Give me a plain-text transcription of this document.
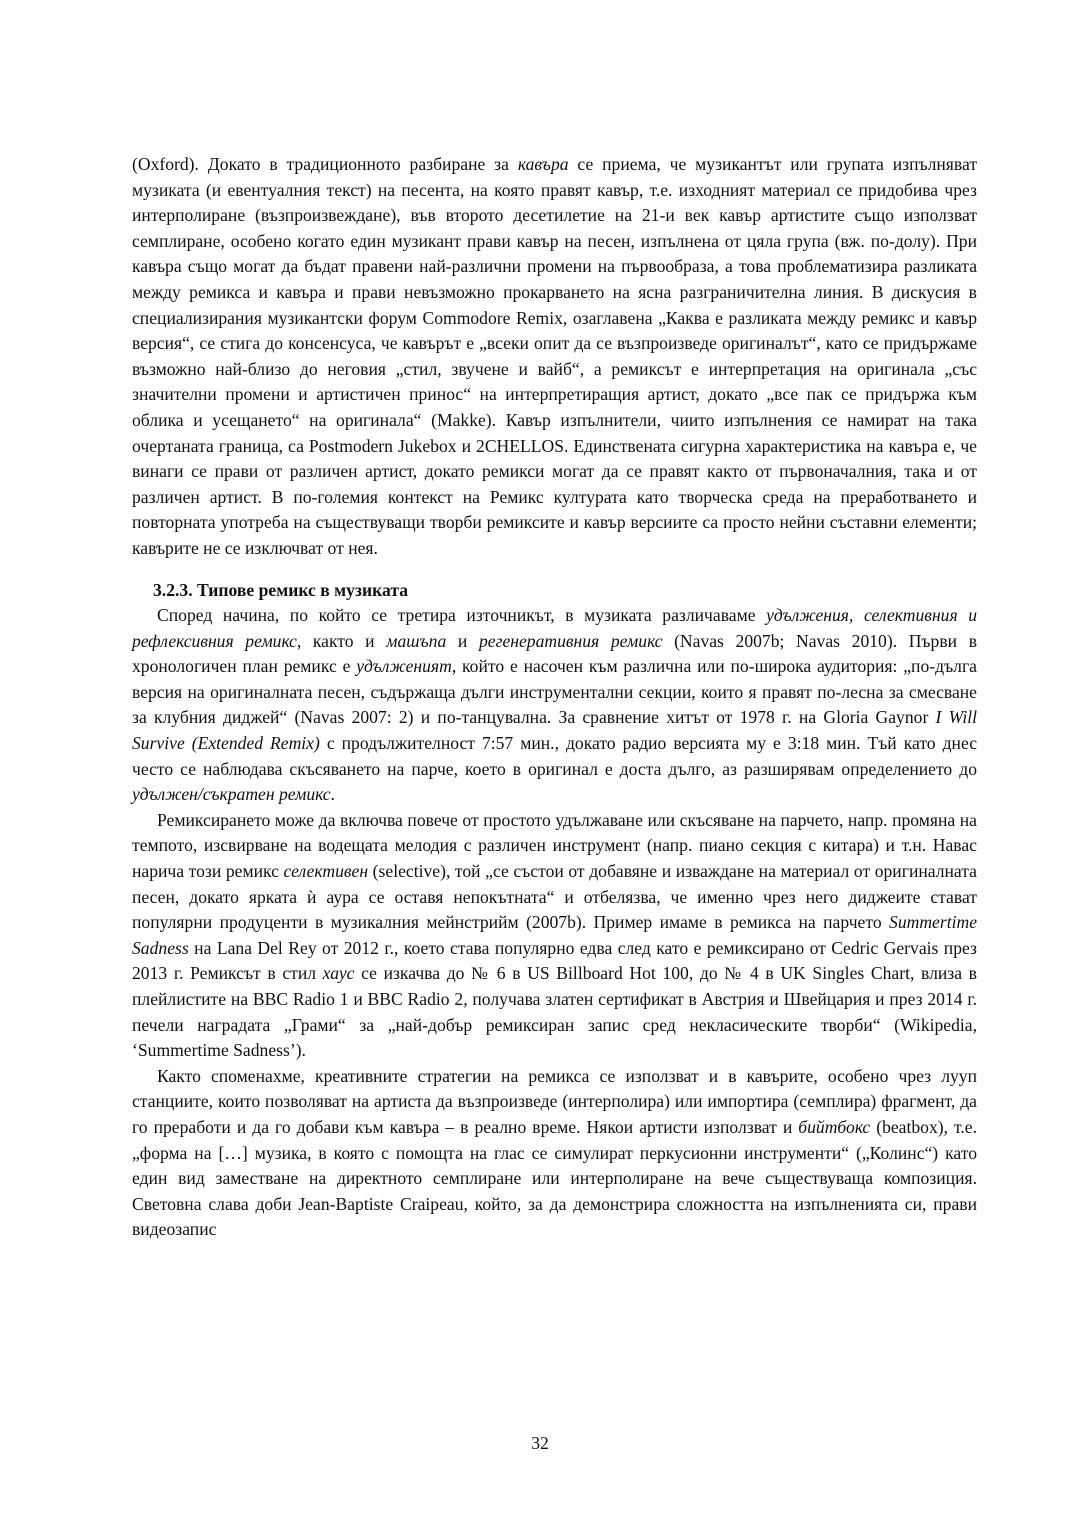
(Oxford). Докато в традиционното разбиране за кавъра се приема, че музикантът или групата изпълняват музиката (и евентуалния текст) на песента, на която правят кавър, т.е. изходният материал се придобива чрез интерполиране (възпроизвеждане), във второто десетилетие на 21-и век кавър артистите също използват семплиране, особено когато един музикант прави кавър на песен, изпълнена от цяла група (вж. по-долу). При кавъра също могат да бъдат правени най-различни промени на първообраза, а това проблематизира разликата между ремикса и кавъра и прави невъзможно прокарването на ясна разграничителна линия. В дискусия в специализирания музикантски форум Commodore Remix, озаглавена „Каква е разликата между ремикс и кавър версия“, се стига до консенсуса, че кавърът е „всеки опит да се възпроизведе оригиналът“, като се придържаме възможно най-близо до неговия „стил, звучене и вайб“, а ремиксът е интерпретация на оригинала „със значителни промени и артистичен принос“ на интерпретиращия артист, докато „все пак се придържа към облика и усещането“ на оригинала“ (Makke). Кавър изпълнители, чиито изпълнения се намират на така очертаната граница, са Postmodern Jukebox и 2CHELLOS. Единствената сигурна характеристика на кавъра е, че винаги се прави от различен артист, докато ремикси могат да се правят както от първоначалния, така и от различен артист. В по-големия контекст на Ремикс културата като творческа среда на преработването и повторната употреба на съществуващи творби ремиксите и кавър версиите са просто нейни съставни елементи; кавърите не се изключват от нея.

3.2.3. Типове ремикс в музиката

Според начина, по който се третира източникът, в музиката различаваме удължения, селективния и рефлексивния ремикс, както и машъпа и регенеративния ремикс (Navas 2007b; Navas 2010). Първи в хронологичен план ремикс е удълженият, който е насочен към различна или по-широка аудитория: „по-дълга версия на оригиналната песен, съдържаща дълги инструментални секции, които я правят по-лесна за смесване за клубния диджей“ (Navas 2007: 2) и по-танцувална. За сравнение хитът от 1978 г. на Gloria Gaynor I Will Survive (Extended Remix) с продължителност 7:57 мин., докато радио версията му е 3:18 мин. Тъй като днес често се наблюдава скъсяването на парче, което в оригинал е доста дълго, аз разширявам определението до удължен/съкратен ремикс.

Ремиксирането може да включва повече от простото удължаване или скъсяване на парчето, напр. промяна на темпото, изсвирване на водещата мелодия с различен инструмент (напр. пиано секция с китара) и т.н. Навас нарича този ремикс селективен (selective), той „се състои от добавяне и изваждане на материал от оригиналната песен, докато ярката ѝ аура се оставя непокътната“ и отбелязва, че именно чрез него диджеите стават популярни продуценти в музикалния мейнстрийм (2007b). Пример имаме в ремикса на парчето Summertime Sadness на Lana Del Rey от 2012 г., което става популярно едва след като е ремиксирано от Cedric Gervais през 2013 г. Ремиксът в стил хаус се изкачва до № 6 в US Billboard Hot 100, до № 4 в UK Singles Chart, влиза в плейлистите на BBC Radio 1 и BBC Radio 2, получава златен сертификат в Австрия и Швейцария и през 2014 г. печели наградата „Грами“ за „най-добър ремиксиран запис сред некласическите творби“ (Wikipedia, ‘Summertime Sadness’).

Както споменахме, креативните стратегии на ремикса се използват и в кавърите, особено чрез лууп станциите, които позволяват на артиста да възпроизведе (интерполира) или импортира (семплира) фрагмент, да го преработи и да го добави към кавъра – в реално време. Някои артисти използват и бийтбокс (beatbox), т.е. „форма на […] музика, в която с помощта на глас се симулират перкусионни инструменти“ („Колинс“) като един вид заместване на директното семплиране или интерполиране на вече съществуваща композиция. Световна слава доби Jean-Baptiste Craipeau, който, за да демонстрира сложността на изпълненията си, прави видеозапис

32
